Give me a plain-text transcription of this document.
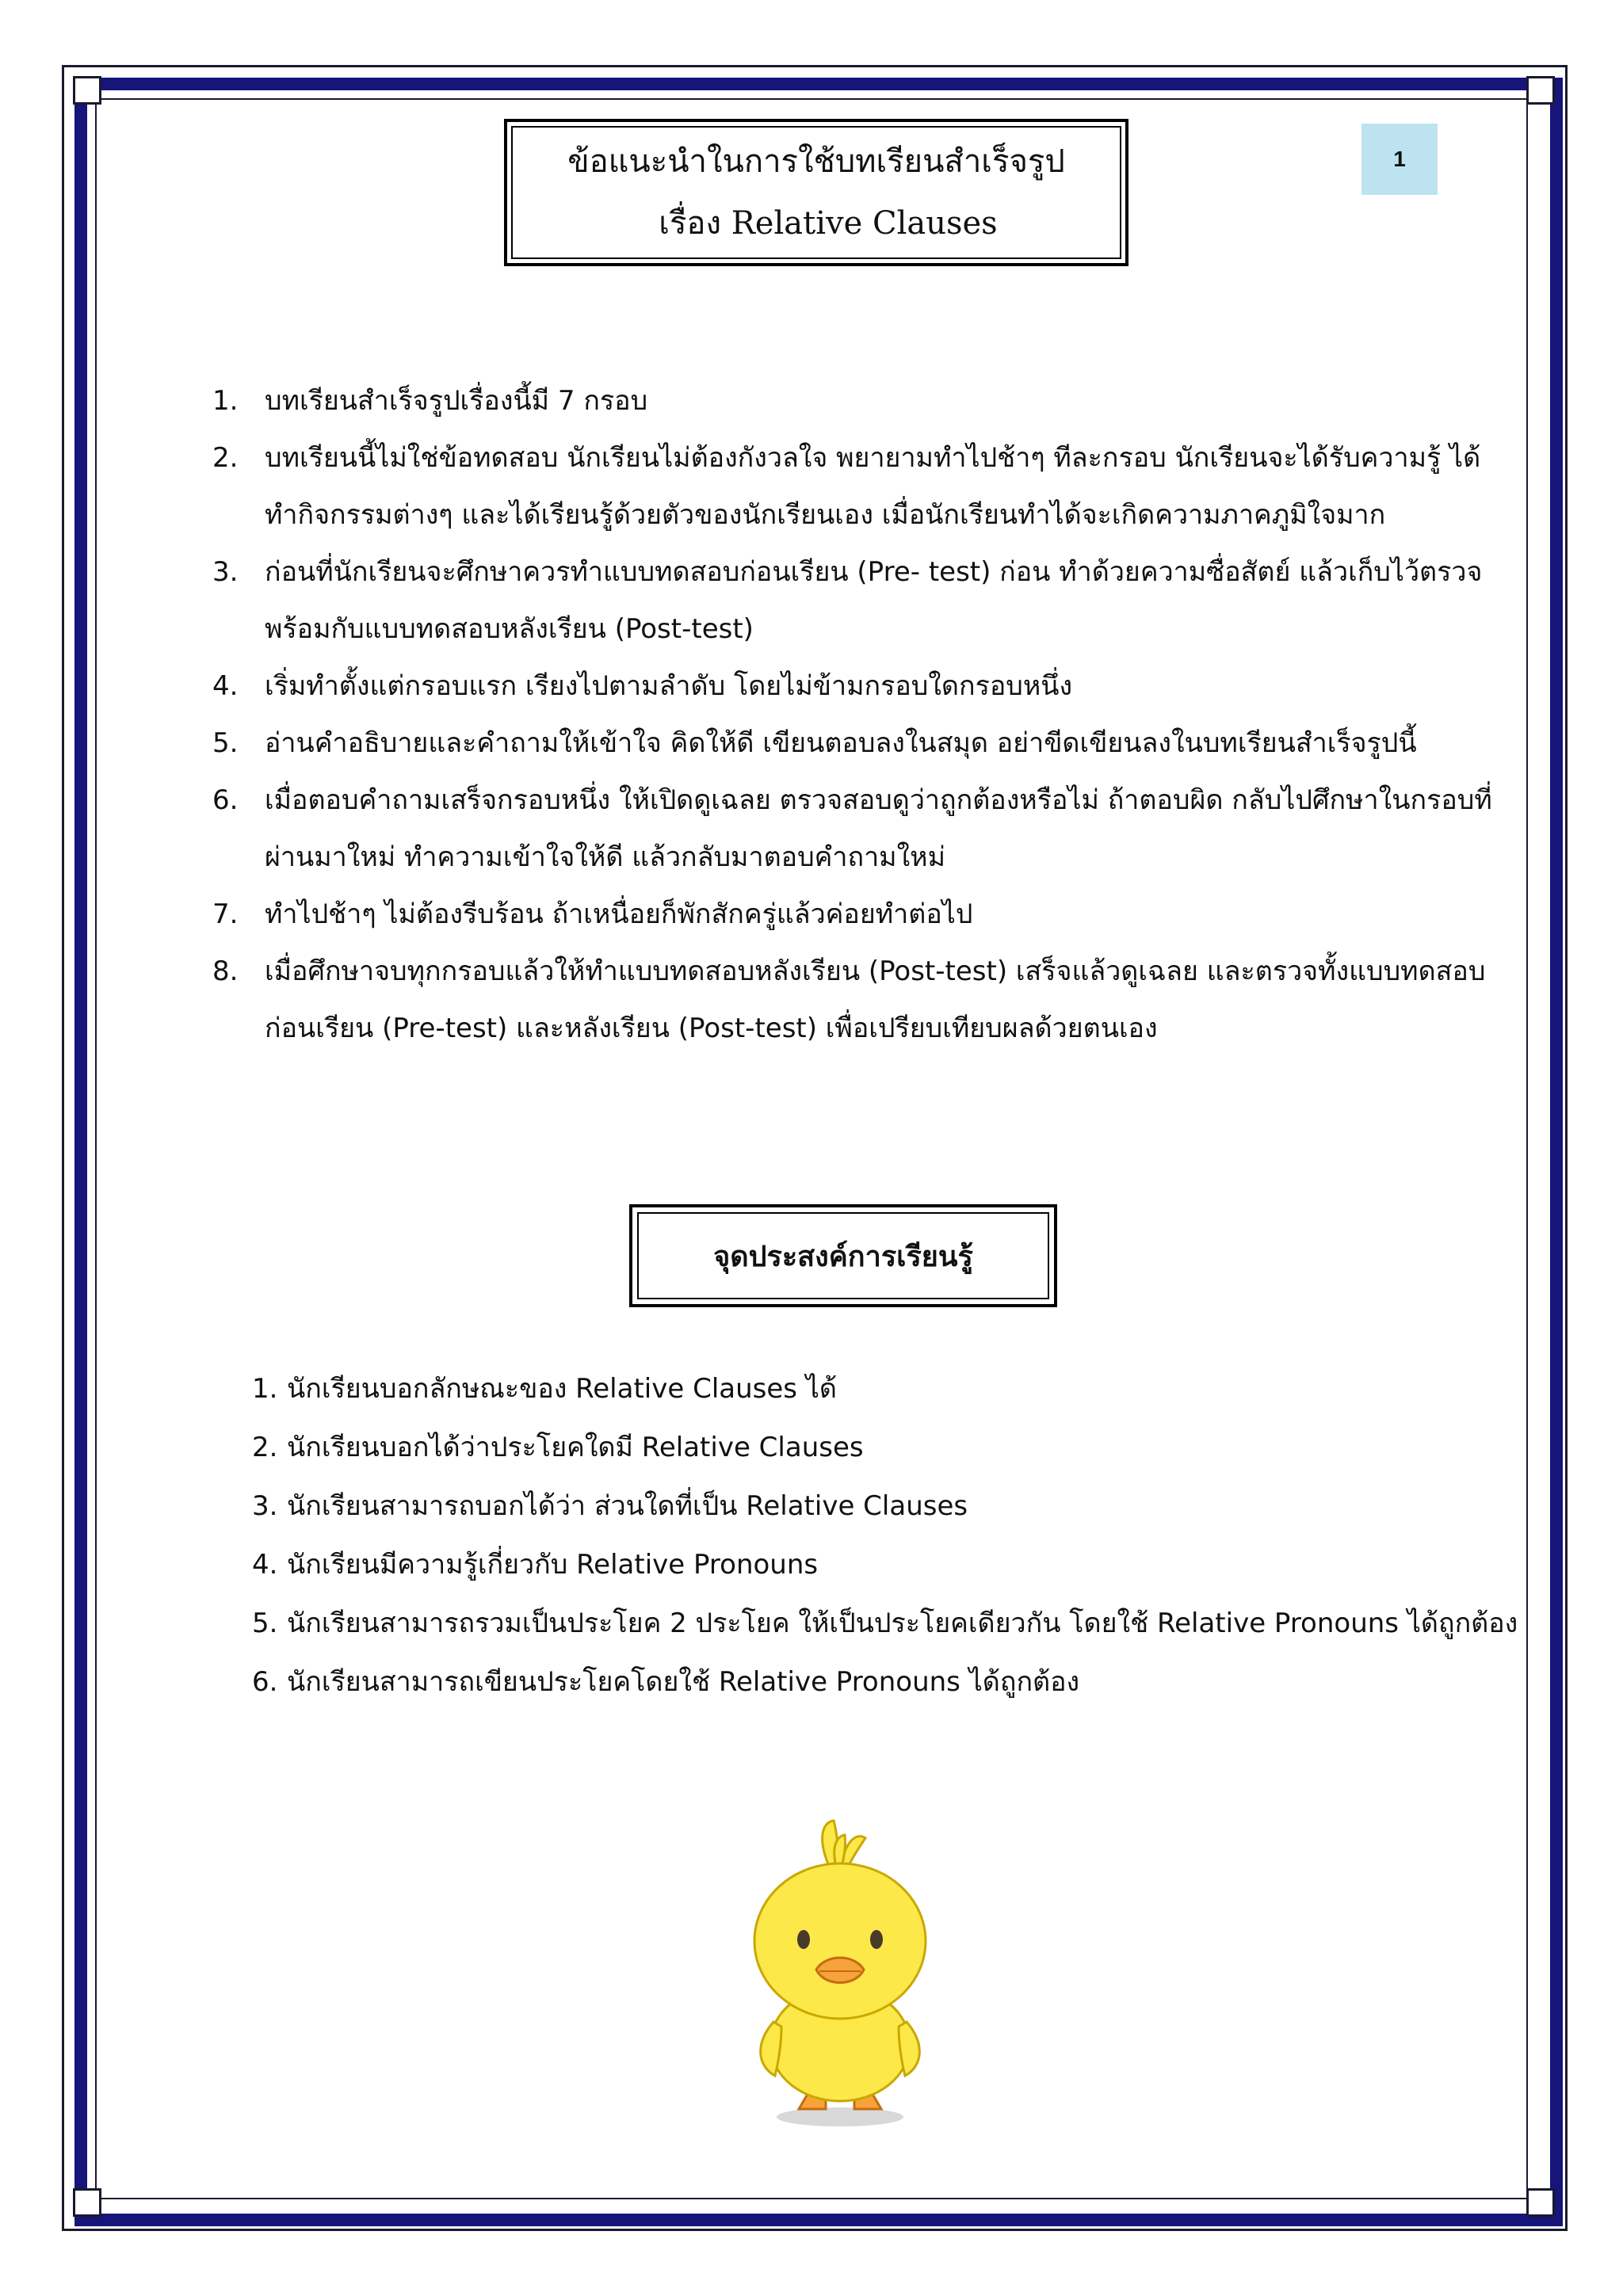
ข้อแนะนำในการใช้บทเรียนสำเร็จรูป
เรื่อง Relative Clauses
1
1. บทเรียนสำเร็จรูปเรื่องนี้มี 7 กรอบ
2. บทเรียนนี้ไม่ใช่ข้อทดสอบ นักเรียนไม่ต้องกังวลใจ พยายามทำไปช้าๆ ทีละกรอบ นักเรียนจะได้รับความรู้ ได้ทำกิจกรรมต่างๆ และได้เรียนรู้ด้วยตัวของนักเรียนเอง เมื่อนักเรียนทำได้จะเกิดความภาคภูมิใจมาก
3. ก่อนที่นักเรียนจะศึกษาควรทำแบบทดสอบก่อนเรียน (Pre- test) ก่อน ทำด้วยความซื่อสัตย์ แล้วเก็บไว้ตรวจพร้อมกับแบบทดสอบหลังเรียน (Post-test)
4. เริ่มทำตั้งแต่กรอบแรก เรียงไปตามลำดับ โดยไม่ข้ามกรอบใดกรอบหนึ่ง
5. อ่านคำอธิบายและคำถามให้เข้าใจ คิดให้ดี เขียนตอบลงในสมุด อย่าขีดเขียนลงในบทเรียนสำเร็จรูปนี้
6. เมื่อตอบคำถามเสร็จกรอบหนึ่ง ให้เปิดดูเฉลย ตรวจสอบดูว่าถูกต้องหรือไม่ ถ้าตอบผิด กลับไปศึกษาในกรอบที่ผ่านมาใหม่ ทำความเข้าใจให้ดี แล้วกลับมาตอบคำถามใหม่
7. ทำไปช้าๆ ไม่ต้องรีบร้อน ถ้าเหนื่อยก็พักสักครู่แล้วค่อยทำต่อไป
8. เมื่อศึกษาจบทุกกรอบแล้วให้ทำแบบทดสอบหลังเรียน (Post-test) เสร็จแล้วดูเฉลย และตรวจทั้งแบบทดสอบก่อนเรียน (Pre-test) และหลังเรียน (Post-test) เพื่อเปรียบเทียบผลด้วยตนเอง
จุดประสงค์การเรียนรู้
1. นักเรียนบอกลักษณะของ Relative Clauses ได้
2. นักเรียนบอกได้ว่าประโยคใดมี Relative Clauses
3. นักเรียนสามารถบอกได้ว่า ส่วนใดที่เป็น Relative Clauses
4. นักเรียนมีความรู้เกี่ยวกับ Relative Pronouns
5. นักเรียนสามารถรวมเป็นประโยค 2 ประโยค ให้เป็นประโยคเดียวกัน โดยใช้ Relative Pronouns ได้ถูกต้อง
6. นักเรียนสามารถเขียนประโยคโดยใช้ Relative Pronouns ได้ถูกต้อง
